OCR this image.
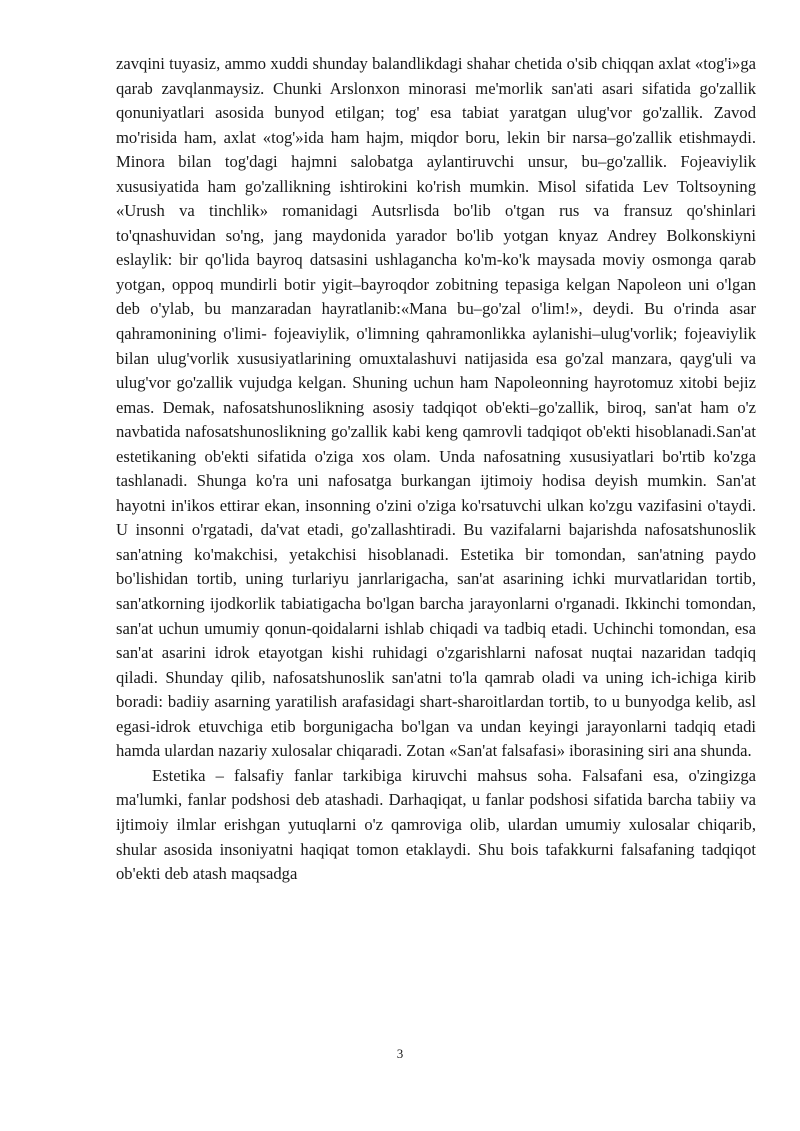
zavqini tuyasiz, ammo xuddi shunday balandlikdagi shahar chetida o'sib chiqqan axlat «tog'i»ga qarab zavqlanmaysiz. Chunki Arslonxon minorasi me'morlik san'ati asari sifatida go'zallik qonuniyatlari asosida bunyod etilgan; tog' esa tabiat yaratgan ulug'vor go'zallik. Zavod mo'risida ham, axlat «tog'»ida ham hajm, miqdor boru, lekin bir narsa–go'zallik etishmaydi. Minora bilan tog'dagi hajmni salobatga aylantiruvchi unsur, bu–go'zallik. Fojeaviylik xususiyatida ham go'zallikning ishtirokini ko'rish mumkin. Misol sifatida Lev Toltsoyning «Urush va tinchlik» romanidagi Autsrlisda bo'lib o'tgan rus va fransuz qo'shinlari to'qnashuvidan so'ng, jang maydonida yarador bo'lib yotgan knyaz Andrey Bolkonskiyni eslaylik: bir qo'lida bayroq datsasini ushlagancha ko'm-ko'k maysada moviy osmonga qarab yotgan, oppoq mundirli botir yigit–bayroqdor zobitning tepasiga kelgan Napoleon uni o'lgan deb o'ylab, bu manzaradan hayratlanib:«Mana bu–go'zal o'lim!», deydi. Bu o'rinda asar qahramonining o'limi- fojeaviylik, o'limning qahramonlikka aylanishi–ulug'vorlik; fojeaviylik bilan ulug'vorlik xususiyatlarining omuxtalashuvi natijasida esa go'zal manzara, qayg'uli va ulug'vor go'zallik vujudga kelgan. Shuning uchun ham Napoleonning hayrotomuz xitobi bejiz emas. Demak, nafosatshunoslikning asosiy tadqiqot ob'ekti–go'zallik, biroq, san'at ham o'z navbatida nafosatshunoslikning go'zallik kabi keng qamrovli tadqiqot ob'ekti hisoblanadi.San'at estetikaning ob'ekti sifatida o'ziga xos olam. Unda nafosatning xususiyatlari bo'rtib ko'zga tashlanadi. Shunga ko'ra uni nafosatga burkangan ijtimoiy hodisa deyish mumkin. San'at hayotni in'ikos ettirar ekan, insonning o'zini o'ziga ko'rsatuvchi ulkan ko'zgu vazifasini o'taydi. U insonni o'rgatadi, da'vat etadi, go'zallashtiradi. Bu vazifalarni bajarishda nafosatshunoslik san'atning ko'makchisi, yetakchisi hisoblanadi. Estetika bir tomondan, san'atning paydo bo'lishidan tortib, uning turlariyu janrlarigacha, san'at asarining ichki murvatlaridan tortib, san'atkorning ijodkorlik tabiatigacha bo'lgan barcha jarayonlarni o'rganadi. Ikkinchi tomondan, san'at uchun umumiy qonun-qoidalarni ishlab chiqadi va tadbiq etadi. Uchinchi tomondan, esa san'at asarini idrok etayotgan kishi ruhidagi o'zgarishlarni nafosat nuqtai nazaridan tadqiq qiladi. Shunday qilib, nafosatshunoslik san'atni to'la qamrab oladi va uning ich-ichiga kirib boradi: badiiy asarning yaratilish arafasidagi shart-sharoitlardan tortib, to u bunyodga kelib, asl egasi-idrok etuvchiga etib borgunigacha bo'lgan va undan keyingi jarayonlarni tadqiq etadi hamda ulardan nazariy xulosalar chiqaradi. Zotan «San'at falsafasi» iborasining siri ana shunda.

Estetika – falsafiy fanlar tarkibiga kiruvchi mahsus soha. Falsafani esa, o'zingizga ma'lumki, fanlar podshosi deb atashadi. Darhaqiqat, u fanlar podshosi sifatida barcha tabiiy va ijtimoiy ilmlar erishgan yutuqlarni o'z qamroviga olib, ulardan umumiy xulosalar chiqarib, shular asosida insoniyatni haqiqat tomon etaklaydi. Shu bois tafakkurni falsafaning tadqiqot ob'ekti deb atash maqsadga

3
